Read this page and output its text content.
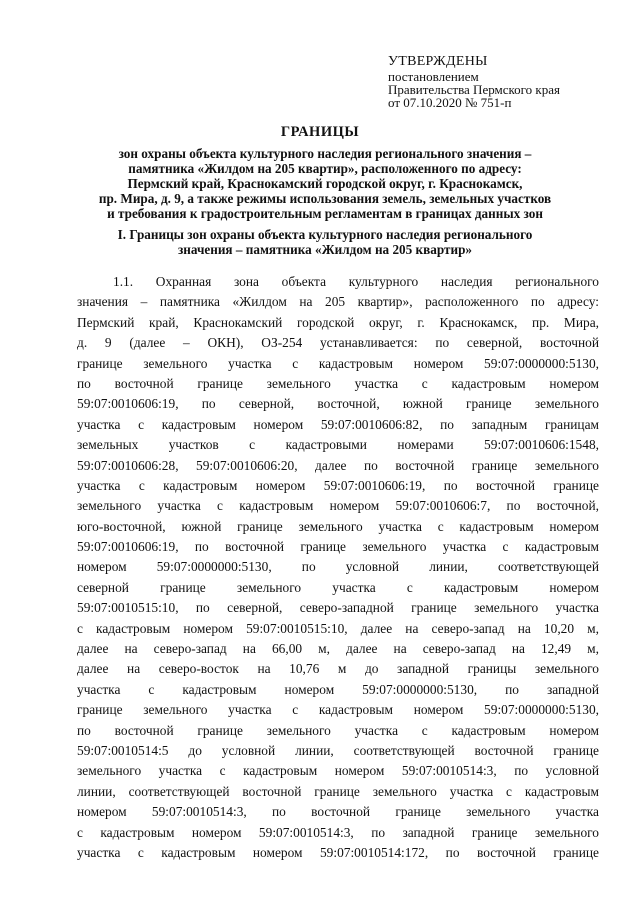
УТВЕРЖДЕНЫ
постановлением
Правительства Пермского края
от 07.10.2020 № 751-п
ГРАНИЦЫ
зон охраны объекта культурного наследия регионального значения –
памятника «Жилдом на 205 квартир», расположенного по адресу:
Пермский край, Краснокамский городской округ, г. Краснокамск,
пр. Мира, д. 9, а также режимы использования земель, земельных участков
и требования к градостроительным регламентам в границах данных зон
I. Границы зон охраны объекта культурного наследия регионального
значения – памятника «Жилдом на 205 квартир»
1.1. Охранная зона объекта культурного наследия регионального
значения – памятника «Жилдом на 205 квартир», расположенного по адресу:
Пермский край, Краснокамский городской округ, г. Краснокамск, пр. Мира,
д. 9 (далее – ОКН), ОЗ-254 устанавливается: по северной, восточной
границе земельного участка с кадастровым номером 59:07:0000000:5130,
по восточной границе земельного участка с кадастровым номером
59:07:0010606:19, по северной, восточной, южной границе земельного
участка с кадастровым номером 59:07:0010606:82, по западным границам
земельных участков с кадастровыми номерами 59:07:0010606:1548,
59:07:0010606:28, 59:07:0010606:20, далее по восточной границе земельного
участка с кадастровым номером 59:07:0010606:19, по восточной границе
земельного участка с кадастровым номером 59:07:0010606:7, по восточной,
юго-восточной, южной границе земельного участка с кадастровым номером
59:07:0010606:19, по восточной границе земельного участка с кадастровым
номером 59:07:0000000:5130, по условной линии, соответствующей
северной границе земельного участка с кадастровым номером
59:07:0010515:10, по северной, северо-западной границе земельного участка
с кадастровым номером 59:07:0010515:10, далее на северо-запад на 10,20 м,
далее на северо-запад на 66,00 м, далее на северо-запад на 12,49 м,
далее на северо-восток на 10,76 м до западной границы земельного
участка с кадастровым номером 59:07:0000000:5130, по западной
границе земельного участка с кадастровым номером 59:07:0000000:5130,
по восточной границе земельного участка с кадастровым номером
59:07:0010514:5 до условной линии, соответствующей восточной границе
земельного участка с кадастровым номером 59:07:0010514:3, по условной
линии, соответствующей восточной границе земельного участка с кадастровым
номером 59:07:0010514:3, по восточной границе земельного участка
с кадастровым номером 59:07:0010514:3, по западной границе земельного
участка с кадастровым номером 59:07:0010514:172, по восточной границе
